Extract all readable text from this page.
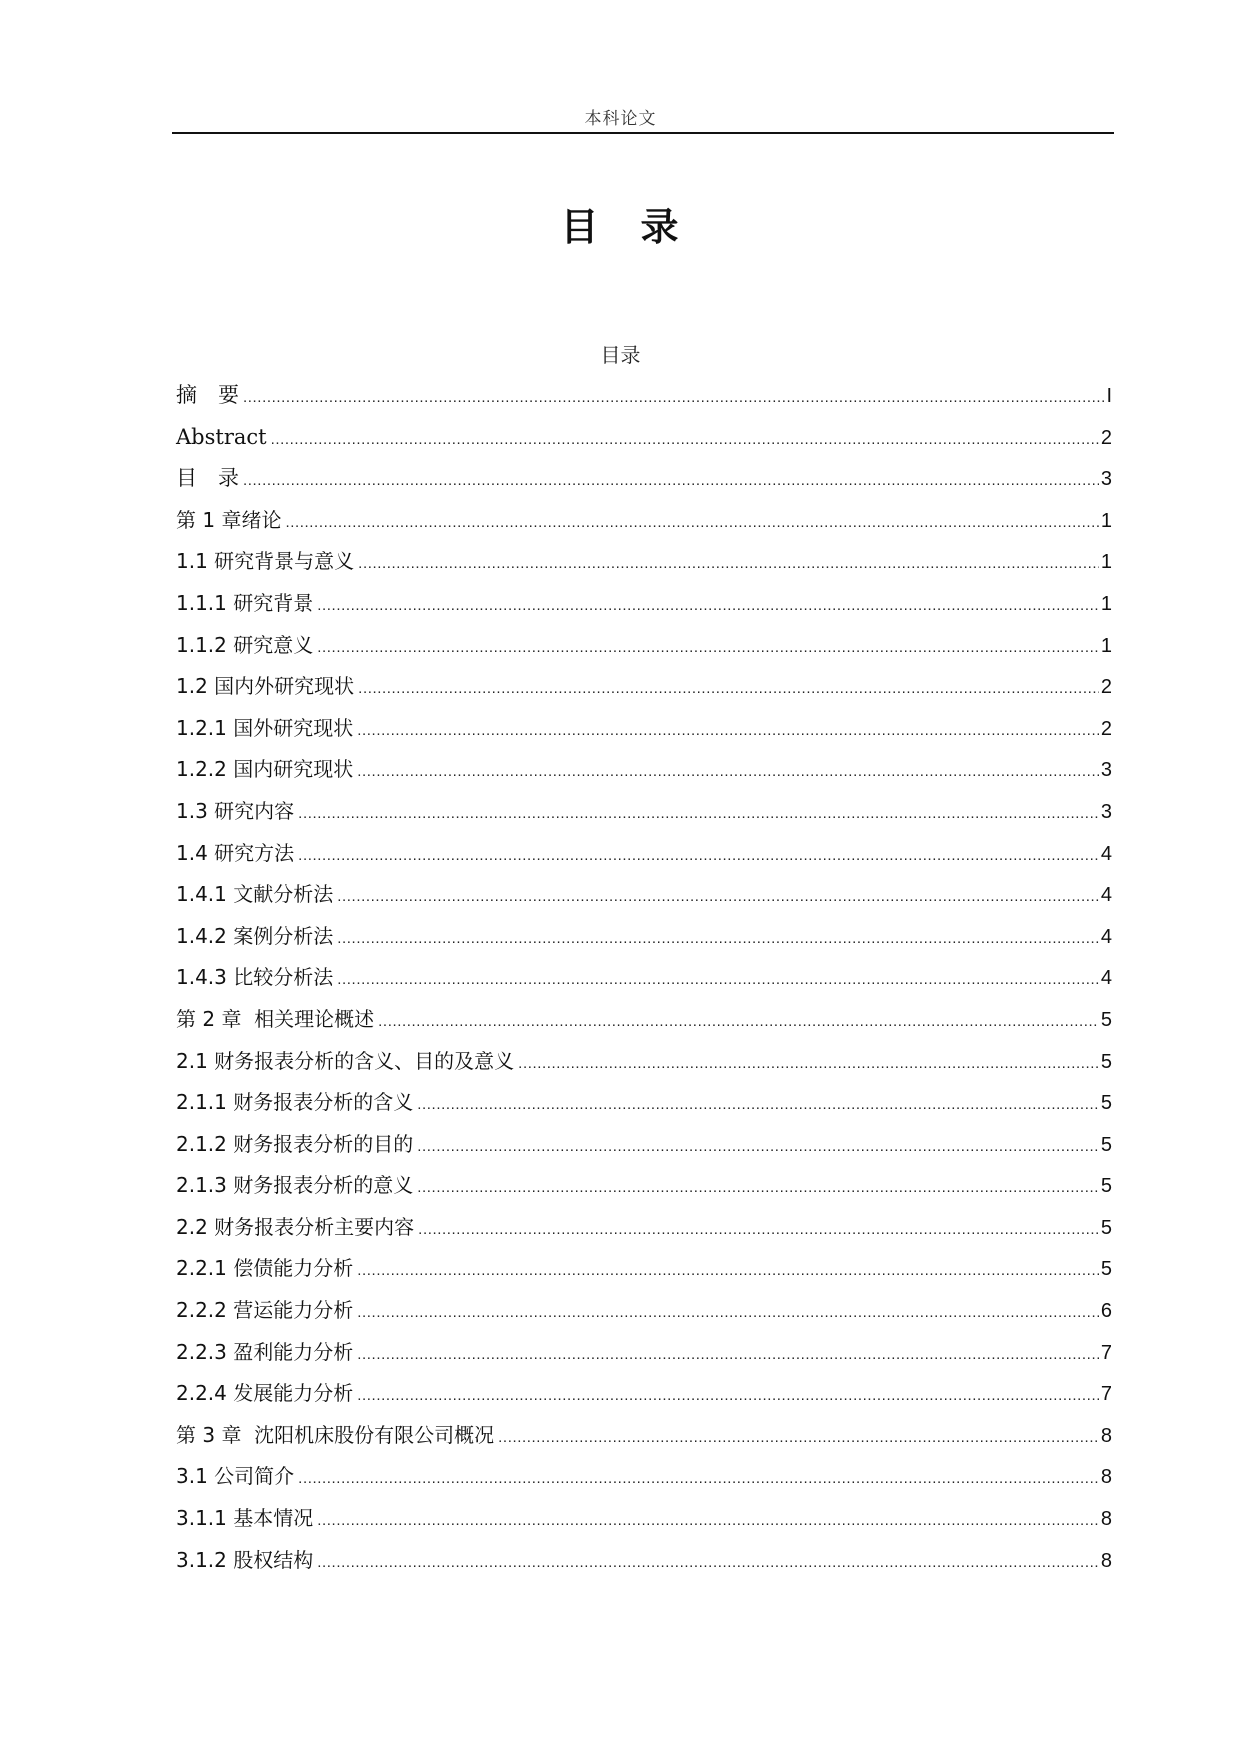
本科论文
目　录
目录
摘　要 .....	I
Abstract .....	2
目　录 .....	3
第 1 章绪论 .....	1
1.1 研究背景与意义 .....	1
1.1.1 研究背景 .....	1
1.1.2 研究意义 .....	1
1.2 国内外研究现状 .....	2
1.2.1 国外研究现状 .....	2
1.2.2 国内研究现状 .....	3
1.3 研究内容 .....	3
1.4 研究方法 .....	4
1.4.1 文献分析法 .....	4
1.4.2 案例分析法 .....	4
1.4.3 比较分析法 .....	4
第 2 章  相关理论概述 .....	5
2.1 财务报表分析的含义、目的及意义 .....	5
2.1.1 财务报表分析的含义 .....	5
2.1.2 财务报表分析的目的 .....	5
2.1.3 财务报表分析的意义 .....	5
2.2 财务报表分析主要内容 .....	5
2.2.1 偿债能力分析 .....	5
2.2.2 营运能力分析 .....	6
2.2.3 盈利能力分析 .....	7
2.2.4 发展能力分析 .....	7
第 3 章  沈阳机床股份有限公司概况 .....	8
3.1 公司简介 .....	8
3.1.1 基本情况 .....	8
3.1.2 股权结构 .....	8
